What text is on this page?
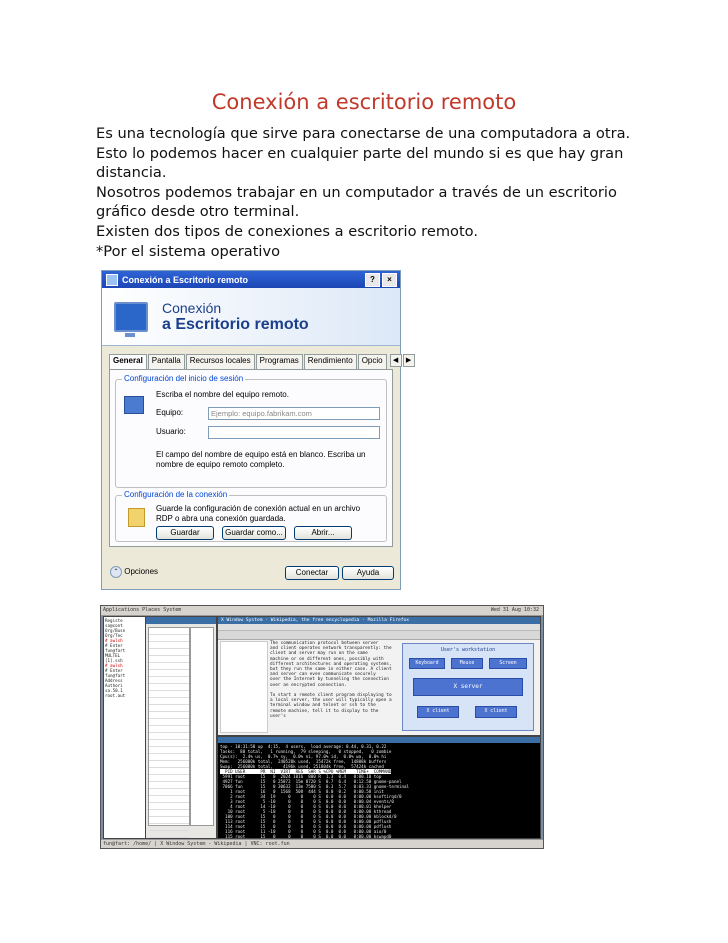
Conexión a escritorio remoto
Es una tecnología que sirve para conectarse de una computadora a otra.
Esto lo podemos hacer en cualquier parte del mundo si es que hay gran
distancia.
Nosotros podemos trabajar en un computador a través de un escritorio
gráfico desde otro terminal.
Existen dos tipos de conexiones a escritorio remoto.
*Por el sistema operativo
Conexión a Escritorio remoto	?	×
Conexión
a Escritorio remoto
General	Pantalla	Recursos locales	Programas	Rendimiento	Opcio	◀	▶
Configuración del inicio de sesión
Escriba el nombre del equipo remoto.
Equipo:	Ejemplo: equipo.fabrikam.com
Usuario:
El campo del nombre de equipo está en blanco. Escriba un
nombre de equipo remoto completo.
Configuración de la conexión
Guarde la configuración de conexión actual en un archivo
RDP o abra una conexión guardada.
Guardar	Guardar como...	Abrir...
⌃ Opciones	Conectar	Ayuda
Applications Places System	Wed 31 Aug 10:32
Registe
sa@cont
Org/Busn
Org/Tec
# awlsh
# Enter
fun@fart
MULTEL
[1].ssh
# awlsh
# Enter
fun@fart
Address
Authori
sa.50.1
root.aut
X Window System - Wikipedia, the free encyclopedia - Mozilla Firefox
The communication protocol between server
and client operates network transparently: the
client and server may run on the same
machine or on different ones, possibly with
different architectures and operating systems,
but they run the same in either case. A client
and server can even communicate securely
over the Internet by tunneling the connection
over an encrypted connection.

To start a remote client program displaying to
a local server, the user will typically open a
terminal window and telnet or ssh to the
remote machine, tell it to display to the user's
User's workstation
Keyboard	Mouse	Screen
X server
X client	X client
top - 10:31:58 up  4:15,  4 users,  load average: 0.44, 0.31, 0.22
Tasks:  80 total,   1 running,  79 sleeping,   0 stopped,   0 zombie
Cpu(s):  2.4% us,  0.7% sy,  0.0% ni, 97.0% id,  0.0% wa,  0.0% hi
Mem:   256000k total,  240528k used,  15472k free,  14808k buffers
Swap:  256000k total,    4196k used, 251804k free,  57424k cached
PID USER      PR  NI  VIRT  RES  SHR S %CPU %MEM    TIME+  COMMAND
5991 root      15   0  2024 1016  800 R  1.3  0.4   0:00.10 top
4927 fun       15   0 25872  15m 8720 S  0.7  6.4   0:12.50 gnome-panel
7066 fun       15   0 30632  13m 7580 S  0.3  5.7   0:03.33 gnome-terminal
1 root      16   0  1568  508  444 S  0.0  0.2   0:00.58 init
2 root      34  19     0    0    0 S  0.0  0.0   0:00.00 ksoftirqd/0
3 root       5 -10     0    0    0 S  0.0  0.0   0:00.04 events/0
4 root      14 -10     0    0    0 S  0.0  0.0   0:00.01 khelper
10 root       5 -10     0    0    0 S  0.0  0.0   0:00.00 kthread
100 root      15   0     0    0    0 S  0.0  0.0   0:00.00 kblockd/0
113 root      15   0     0    0    0 S  0.0  0.0   0:00.00 pdflush
114 root      15   0     0    0    0 S  0.0  0.0   0:00.00 pdflush
116 root      11 -10     0    0    0 S  0.0  0.0   0:00.00 aio/0
115 root      15   0     0    0    0 S  0.0  0.0   0:00.00 kswapd0
fun@fart: /home/ | X Window System - Wikipedia | VNC: root.fun
